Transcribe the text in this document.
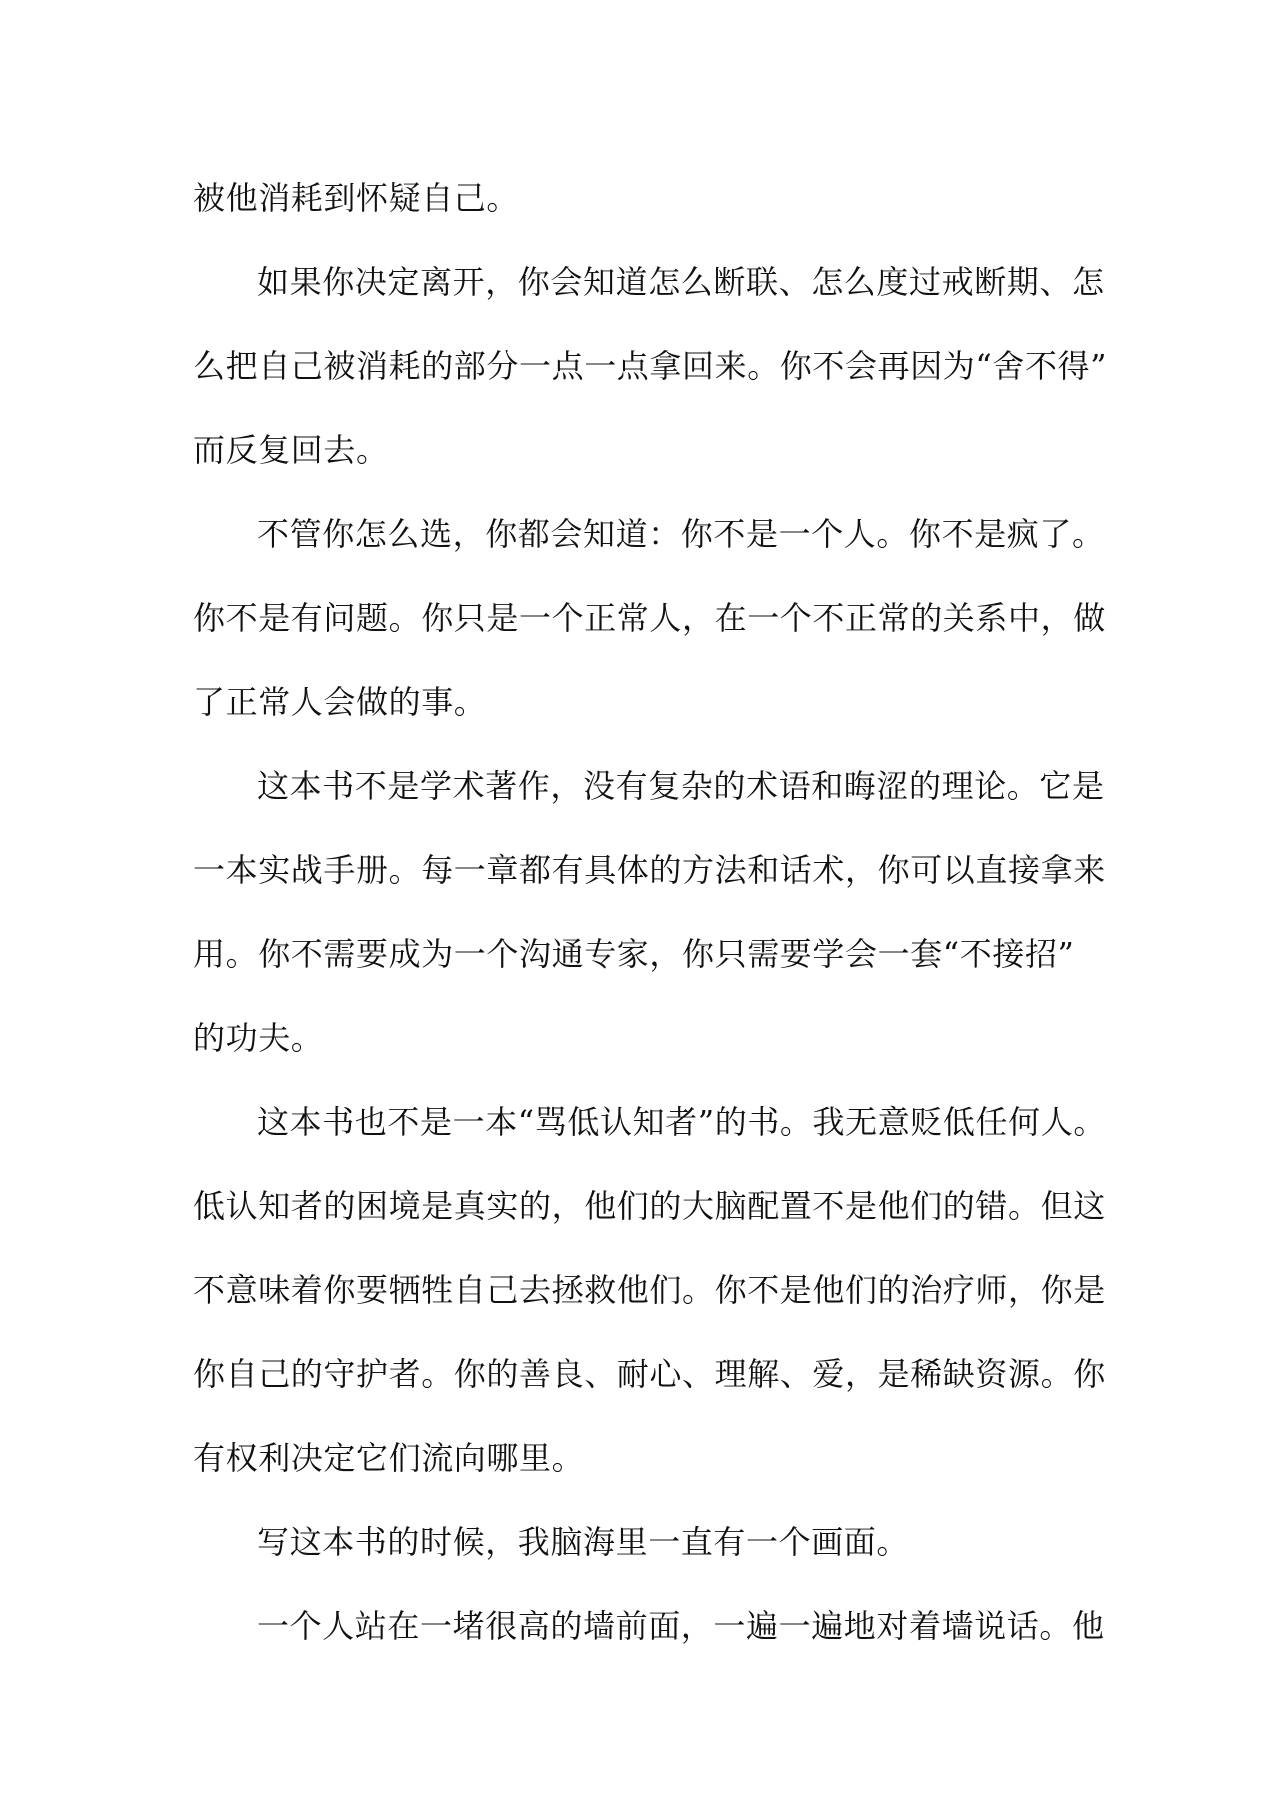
被他消耗到怀疑自己。

如果你决定离开，你会知道怎么断联、怎么度过戒断期、怎

么把自己被消耗的部分一点一点拿回来。你不会再因为“舍不得”

而反复回去。

不管你怎么选，你都会知道：你不是一个人。你不是疯了。

你不是有问题。你只是一个正常人，在一个不正常的关系中，做

了正常人会做的事。

这本书不是学术著作，没有复杂的术语和晦涩的理论。它是

一本实战手册。每一章都有具体的方法和话术，你可以直接拿来

用。你不需要成为一个沟通专家，你只需要学会一套“不接招”

的功夫。

这本书也不是一本“骂低认知者”的书。我无意贬低任何人。

低认知者的困境是真实的，他们的大脑配置不是他们的错。但这

不意味着你要牺牲自己去拯救他们。你不是他们的治疗师，你是

你自己的守护者。你的善良、耐心、理解、爱，是稀缺资源。你

有权利决定它们流向哪里。

写这本书的时候，我脑海里一直有一个画面。

一个人站在一堵很高的墙前面，一遍一遍地对着墙说话。他
